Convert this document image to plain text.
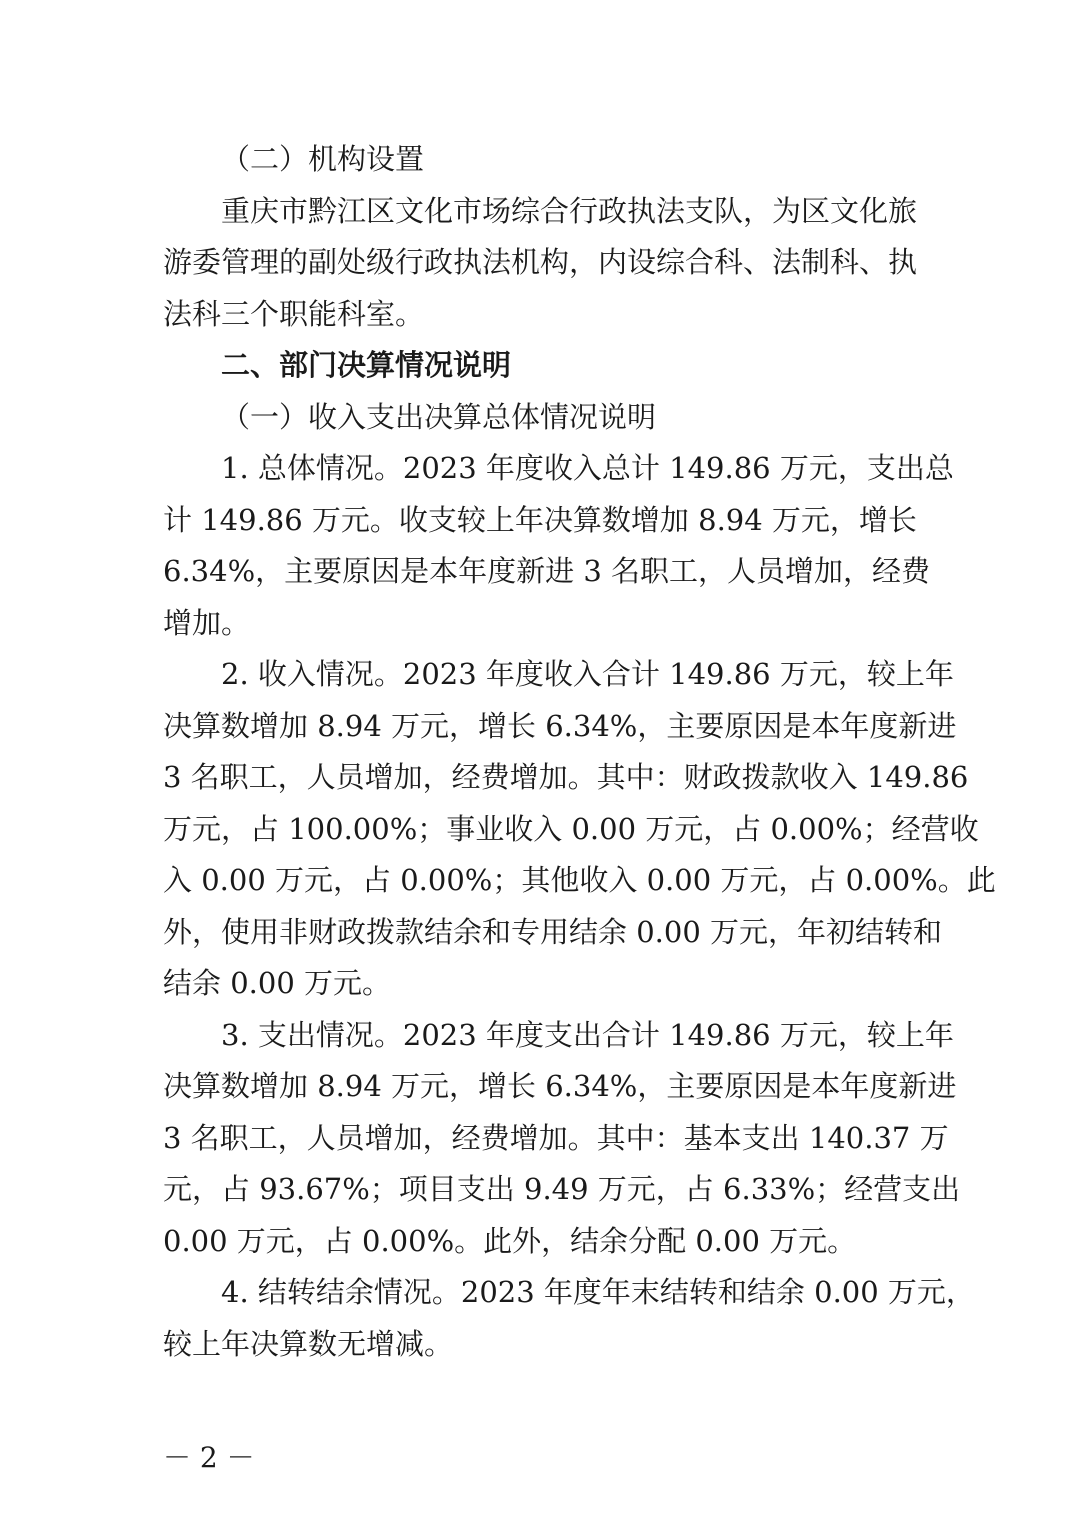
（二）机构设置
重庆市黔江区文化市场综合行政执法支队，为区文化旅
游委管理的副处级行政执法机构，内设综合科、法制科、执
法科三个职能科室。
二、部门决算情况说明
（一）收入支出决算总体情况说明
1. 总体情况。2023 年度收入总计 149.86 万元，支出总
计 149.86 万元。收支较上年决算数增加 8.94 万元，增长
6.34%，主要原因是本年度新进 3 名职工，人员增加，经费
增加。
2. 收入情况。2023 年度收入合计 149.86 万元，较上年
决算数增加 8.94 万元，增长 6.34%，主要原因是本年度新进
3 名职工，人员增加，经费增加。其中：财政拨款收入 149.86
万元，占 100.00%；事业收入 0.00 万元，占 0.00%；经营收
入 0.00 万元，占 0.00%；其他收入 0.00 万元，占 0.00%。此
外，使用非财政拨款结余和专用结余 0.00 万元，年初结转和
结余 0.00 万元。
3. 支出情况。2023 年度支出合计 149.86 万元，较上年
决算数增加 8.94 万元，增长 6.34%，主要原因是本年度新进
3 名职工，人员增加，经费增加。其中：基本支出 140.37 万
元，占 93.67%；项目支出 9.49 万元，占 6.33%；经营支出
0.00 万元，占 0.00%。此外，结余分配 0.00 万元。
4. 结转结余情况。2023 年度年末结转和结余 0.00 万元，
较上年决算数无增减。
－ 2 －
